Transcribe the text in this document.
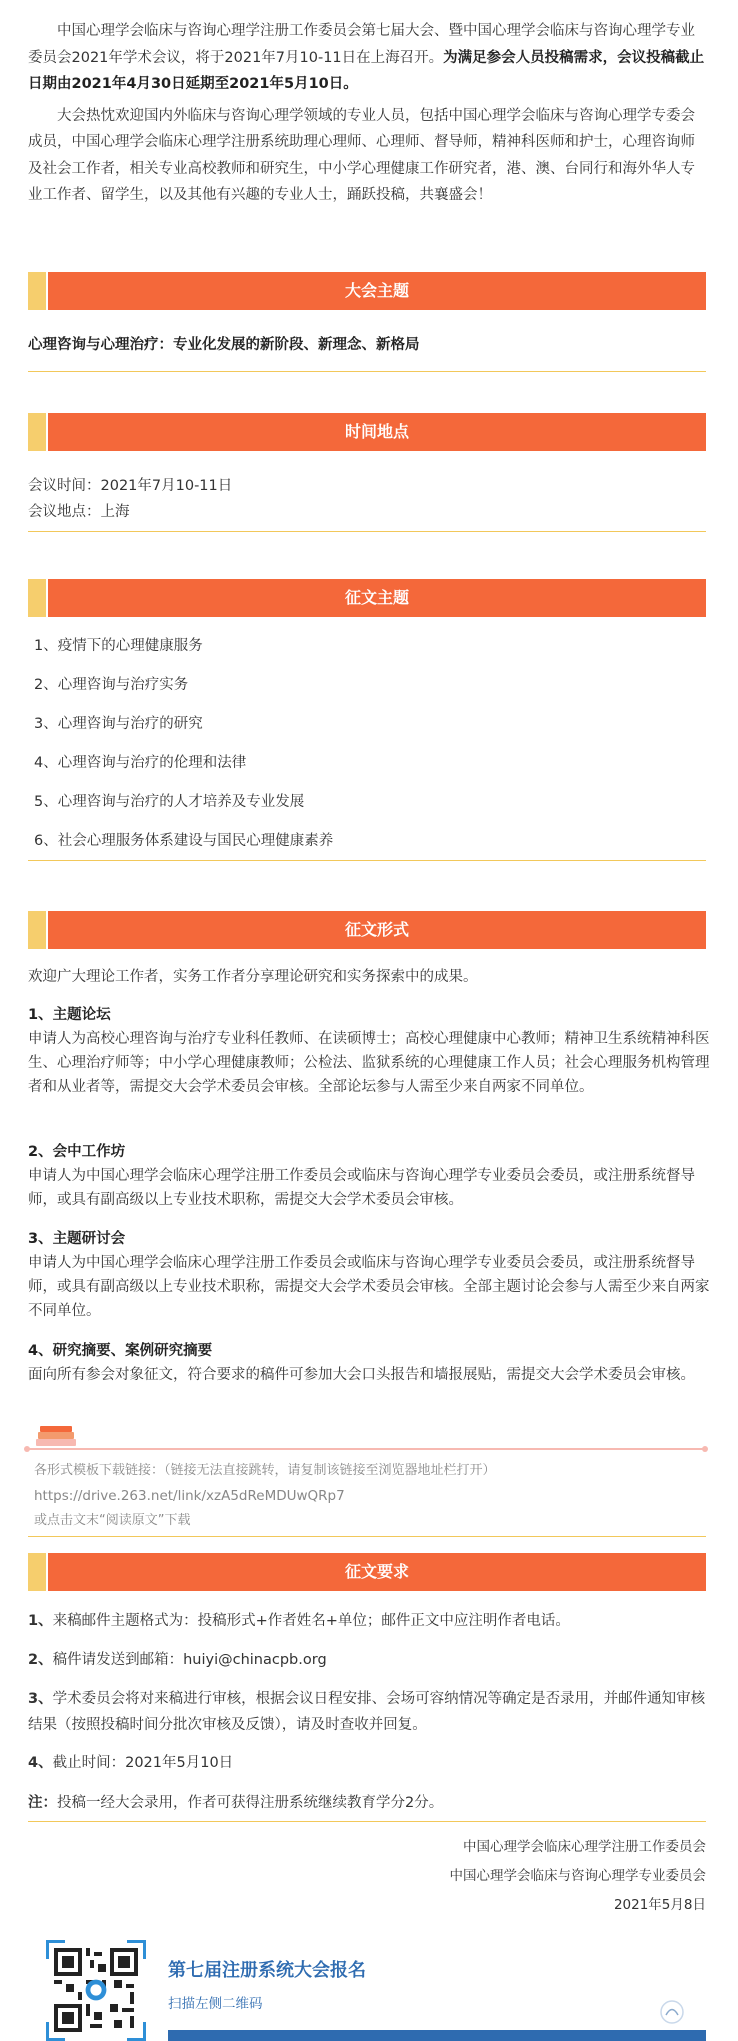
中国心理学会临床与咨询心理学注册工作委员会第七届大会、暨中国心理学会临床与咨询心理学专业委员会2021年学术会议，将于2021年7月10-11日在上海召开。为满足参会人员投稿需求，会议投稿截止日期由2021年4月30日延期至2021年5月10日。

大会热忱欢迎国内外临床与咨询心理学领域的专业人员，包括中国心理学会临床与咨询心理学专委会成员，中国心理学会临床心理学注册系统助理心理师、心理师、督导师，精神科医师和护士，心理咨询师及社会工作者，相关专业高校教师和研究生，中小学心理健康工作研究者，港、澳、台同行和海外华人专业工作者、留学生，以及其他有兴趣的专业人士，踊跃投稿，共襄盛会！

大会主题
心理咨询与心理治疗：专业化发展的新阶段、新理念、新格局
时间地点
会议时间：2021年7月10-11日
会议地点：上海
征文主题
1、疫情下的心理健康服务
2、心理咨询与治疗实务
3、心理咨询与治疗的研究
4、心理咨询与治疗的伦理和法律
5、心理咨询与治疗的人才培养及专业发展
6、社会心理服务体系建设与国民心理健康素养
征文形式
欢迎广大理论工作者，实务工作者分享理论研究和实务探索中的成果。
1、主题论坛
申请人为高校心理咨询与治疗专业科任教师、在读硕博士；高校心理健康中心教师；精神卫生系统精神科医生、心理治疗师等；中小学心理健康教师；公检法、监狱系统的心理健康工作人员；社会心理服务机构管理者和从业者等，需提交大会学术委员会审核。全部论坛参与人需至少来自两家不同单位。
2、会中工作坊
申请人为中国心理学会临床心理学注册工作委员会或临床与咨询心理学专业委员会委员，或注册系统督导师，或具有副高级以上专业技术职称，需提交大会学术委员会审核。
3、主题研讨会
申请人为中国心理学会临床心理学注册工作委员会或临床与咨询心理学专业委员会委员，或注册系统督导师，或具有副高级以上专业技术职称，需提交大会学术委员会审核。全部主题讨论会参与人需至少来自两家不同单位。
4、研究摘要、案例研究摘要
面向所有参会对象征文，符合要求的稿件可参加大会口头报告和墙报展贴，需提交大会学术委员会审核。
各形式模板下载链接：（链接无法直接跳转，请复制该链接至浏览器地址栏打开）
https://drive.263.net/link/xzA5dReMDUwQRp7
或点击文末“阅读原文”下载
征文要求
1、来稿邮件主题格式为：投稿形式+作者姓名+单位；邮件正文中应注明作者电话。
2、稿件请发送到邮箱：huiyi@chinacpb.org
3、学术委员会将对来稿进行审核，根据会议日程安排、会场可容纳情况等确定是否录用，并邮件通知审核结果（按照投稿时间分批次审核及反馈），请及时查收并回复。
4、截止时间：2021年5月10日
注：投稿一经大会录用，作者可获得注册系统继续教育学分2分。
中国心理学会临床心理学注册工作委员会
中国心理学会临床与咨询心理学专业委员会
2021年5月8日
第七届注册系统大会报名
扫描左侧二维码
